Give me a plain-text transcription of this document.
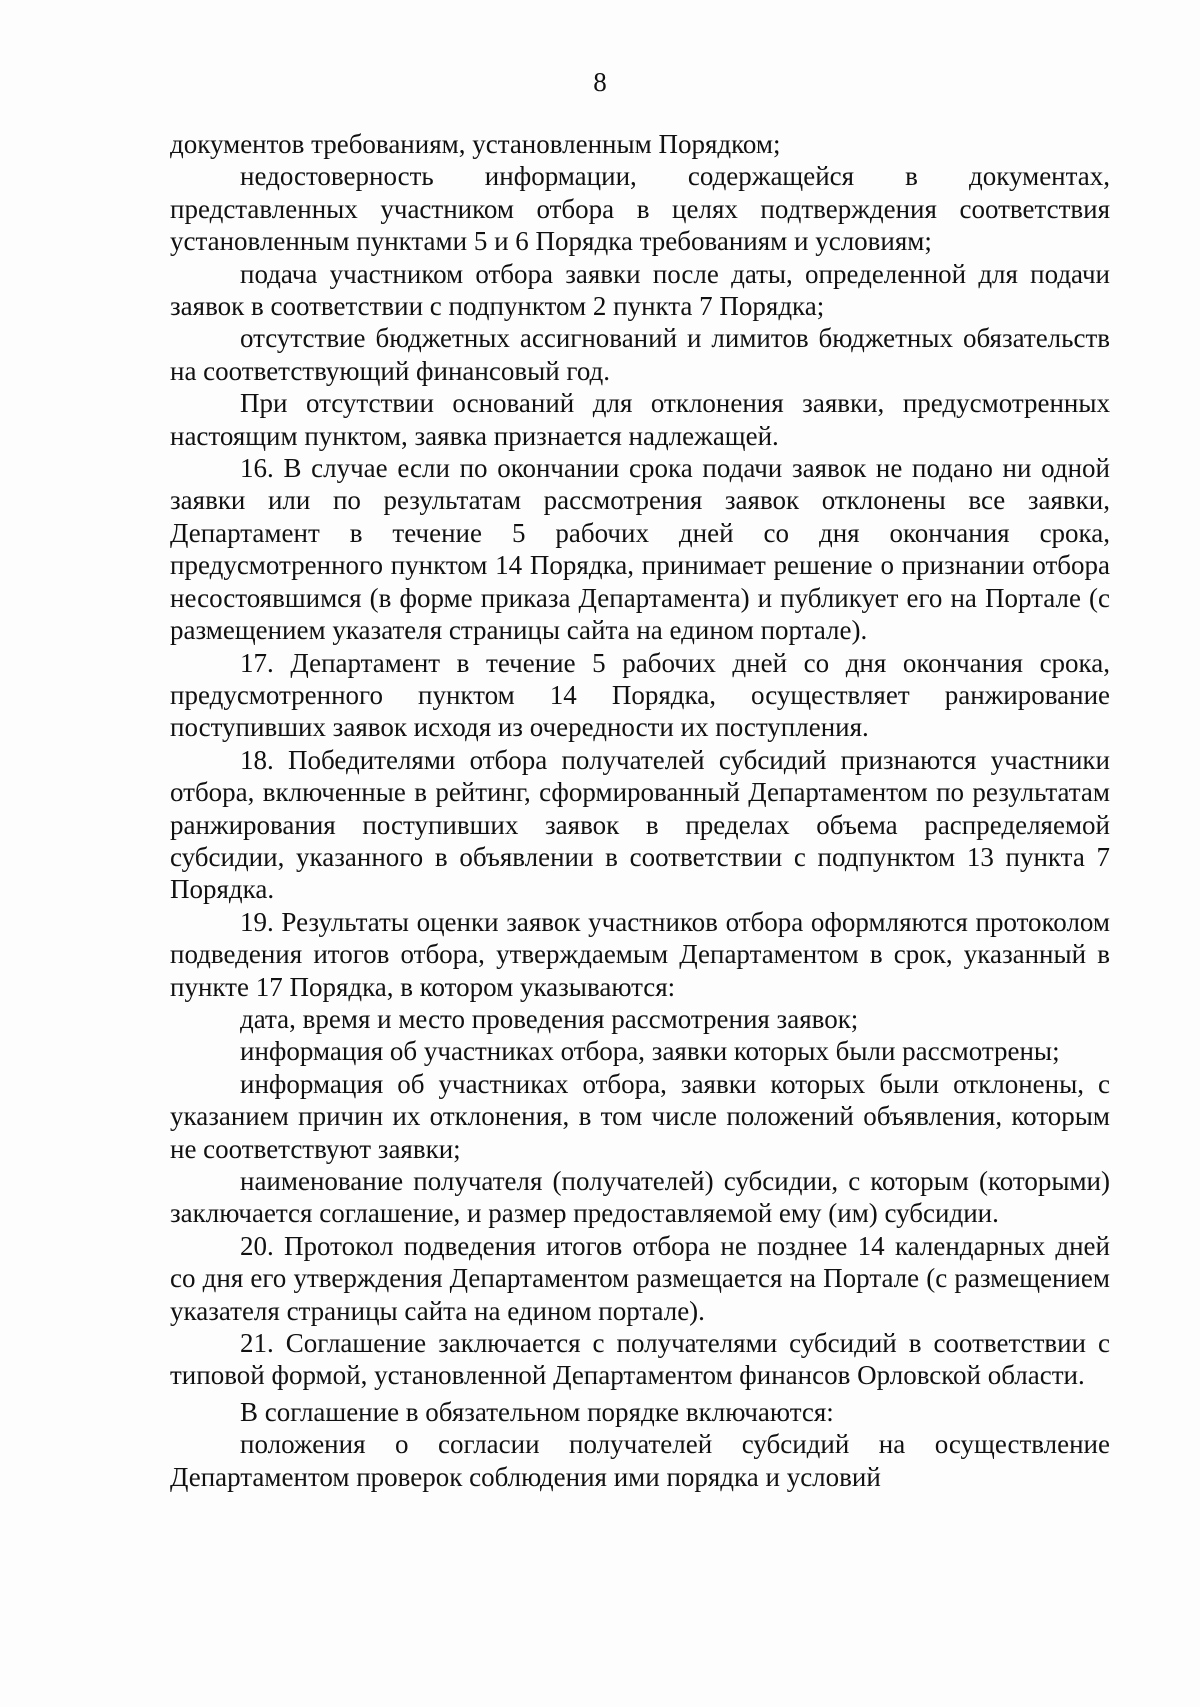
8

документов требованиям, установленным Порядком;

недостоверность информации, содержащейся в документах, представленных участником отбора в целях подтверждения соответствия установленным пунктами 5 и 6 Порядка требованиям и условиям;

подача участником отбора заявки после даты, определенной для подачи заявок в соответствии с подпунктом 2 пункта 7 Порядка;

отсутствие бюджетных ассигнований и лимитов бюджетных обязательств на соответствующий финансовый год.

При отсутствии оснований для отклонения заявки, предусмотренных настоящим пунктом, заявка признается надлежащей.

16. В случае если по окончании срока подачи заявок не подано ни одной заявки или по результатам рассмотрения заявок отклонены все заявки, Департамент в течение 5 рабочих дней со дня окончания срока, предусмотренного пунктом 14 Порядка, принимает решение о признании отбора несостоявшимся (в форме приказа Департамента) и публикует его на Портале (с размещением указателя страницы сайта на едином портале).

17. Департамент в течение 5 рабочих дней со дня окончания срока, предусмотренного пунктом 14 Порядка, осуществляет ранжирование поступивших заявок исходя из очередности их поступления.

18. Победителями отбора получателей субсидий признаются участники отбора, включенные в рейтинг, сформированный Департаментом по результатам ранжирования поступивших заявок в пределах объема распределяемой субсидии, указанного в объявлении в соответствии с подпунктом 13 пункта 7 Порядка.

19. Результаты оценки заявок участников отбора оформляются протоколом подведения итогов отбора, утверждаемым Департаментом в срок, указанный в пункте 17 Порядка, в котором указываются:

дата, время и место проведения рассмотрения заявок;

информация об участниках отбора, заявки которых были рассмотрены;

информация об участниках отбора, заявки которых были отклонены, с указанием причин их отклонения, в том числе положений объявления, которым не соответствуют заявки;

наименование получателя (получателей) субсидии, с которым (которыми) заключается соглашение, и размер предоставляемой ему (им) субсидии.

20. Протокол подведения итогов отбора не позднее 14 календарных дней со дня его утверждения Департаментом размещается на Портале (с размещением указателя страницы сайта на едином портале).

21. Соглашение заключается с получателями субсидий в соответствии с типовой формой, установленной Департаментом финансов Орловской области.

В соглашение в обязательном порядке включаются:

положения о согласии получателей субсидий на осуществление Департаментом проверок соблюдения ими порядка и условий
